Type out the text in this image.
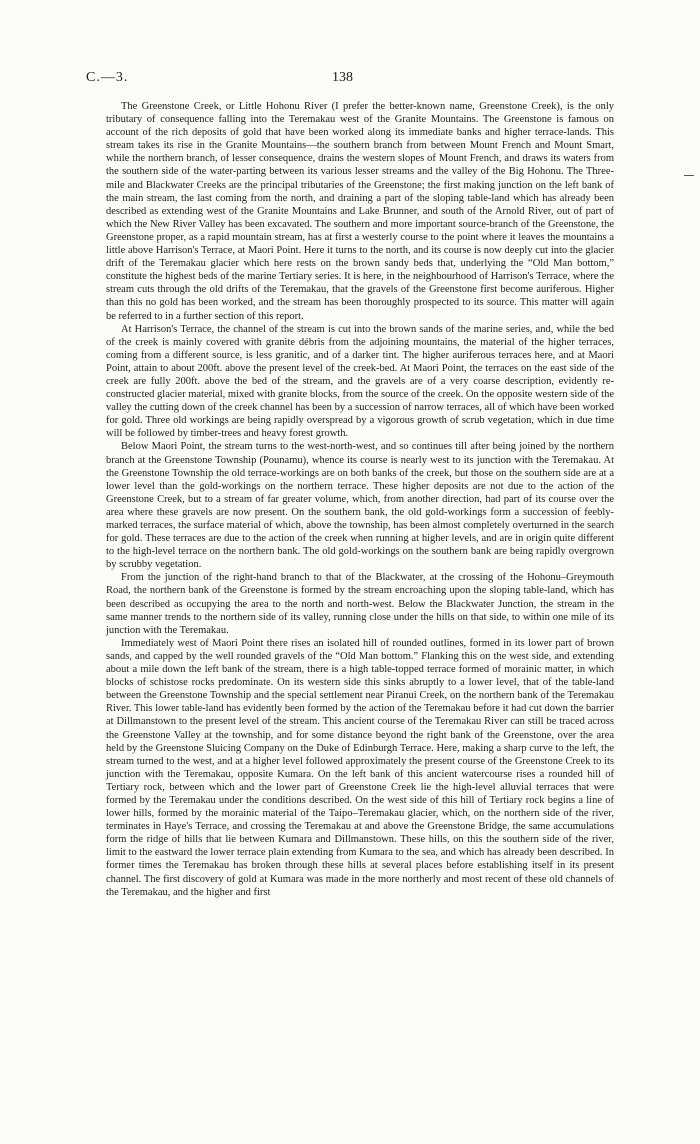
C.—3.	138

The Greenstone Creek, or Little Hohonu River (I prefer the better-known name, Greenstone Creek), is the only tributary of consequence falling into the Teremakau west of the Granite Mountains. The Greenstone is famous on account of the rich deposits of gold that have been worked along its immediate banks and higher terrace-lands. This stream takes its rise in the Granite Mountains—the southern branch from between Mount French and Mount Smart, while the northern branch, of lesser consequence, drains the western slopes of Mount French, and draws its waters from the southern side of the water-parting between its various lesser streams and the valley of the Big Hohonu. The Three-mile and Blackwater Creeks are the principal tributaries of the Greenstone; the first making junction on the left bank of the main stream, the last coming from the north, and draining a part of the sloping table-land which has already been described as extending west of the Granite Mountains and Lake Brunner, and south of the Arnold River, out of part of which the New River Valley has been excavated. The southern and more important source-branch of the Greenstone, the Greenstone proper, as a rapid mountain stream, has at first a westerly course to the point where it leaves the mountains a little above Harrison's Terrace, at Maori Point. Here it turns to the north, and its course is now deeply cut into the glacier drift of the Teremakau glacier which here rests on the brown sandy beds that, underlying the “Old Man bottom,” constitute the highest beds of the marine Tertiary series. It is here, in the neighbourhood of Harrison's Terrace, where the stream cuts through the old drifts of the Teremakau, that the gravels of the Greenstone first become auriferous. Higher than this no gold has been worked, and the stream has been thoroughly prospected to its source. This matter will again be referred to in a further section of this report.

At Harrison's Terrace, the channel of the stream is cut into the brown sands of the marine series, and, while the bed of the creek is mainly covered with granite débris from the adjoining mountains, the material of the higher terraces, coming from a different source, is less granitic, and of a darker tint. The higher auriferous terraces here, and at Maori Point, attain to about 200ft. above the present level of the creek-bed. At Maori Point, the terraces on the east side of the creek are fully 200ft. above the bed of the stream, and the gravels are of a very coarse description, evidently re-constructed glacier material, mixed with granite blocks, from the source of the creek. On the opposite western side of the valley the cutting down of the creek channel has been by a succession of narrow terraces, all of which have been worked for gold. Three old workings are being rapidly overspread by a vigorous growth of scrub vegetation, which in due time will be followed by timber-trees and heavy forest growth.

Below Maori Point, the stream turns to the west-north-west, and so continues till after being joined by the northern branch at the Greenstone Township (Pounamu), whence its course is nearly west to its junction with the Teremakau. At the Greenstone Township the old terrace-workings are on both banks of the creek, but those on the southern side are at a lower level than the gold-workings on the northern terrace. These higher deposits are not due to the action of the Greenstone Creek, but to a stream of far greater volume, which, from another direction, had part of its course over the area where these gravels are now present. On the southern bank, the old gold-workings form a succession of feebly-marked terraces, the surface material of which, above the township, has been almost completely overturned in the search for gold. These terraces are due to the action of the creek when running at higher levels, and are in origin quite different to the high-level terrace on the northern bank. The old gold-workings on the southern bank are being rapidly overgrown by scrubby vegetation.

From the junction of the right-hand branch to that of the Blackwater, at the crossing of the Hohonu–Greymouth Road, the northern bank of the Greenstone is formed by the stream encroaching upon the sloping table-land, which has been described as occupying the area to the north and north-west. Below the Blackwater Junction, the stream in the same manner trends to the northern side of its valley, running close under the hills on that side, to within one mile of its junction with the Teremakau.

Immediately west of Maori Point there rises an isolated hill of rounded outlines, formed in its lower part of brown sands, and capped by the well rounded gravels of the “Old Man bottom.” Flanking this on the west side, and extending about a mile down the left bank of the stream, there is a high table-topped terrace formed of morainic matter, in which blocks of schistose rocks predominate. On its western side this sinks abruptly to a lower level, that of the table-land between the Greenstone Township and the special settlement near Piranui Creek, on the northern bank of the Teremakau River. This lower table-land has evidently been formed by the action of the Teremakau before it had cut down the barrier at Dillmanstown to the present level of the stream. This ancient course of the Teremakau River can still be traced across the Greenstone Valley at the township, and for some distance beyond the right bank of the Greenstone, over the area held by the Greenstone Sluicing Company on the Duke of Edinburgh Terrace. Here, making a sharp curve to the left, the stream turned to the west, and at a higher level followed approximately the present course of the Greenstone Creek to its junction with the Teremakau, opposite Kumara. On the left bank of this ancient watercourse rises a rounded hill of Tertiary rock, between which and the lower part of Greenstone Creek lie the high-level alluvial terraces that were formed by the Teremakau under the conditions described. On the west side of this hill of Tertiary rock begins a line of lower hills, formed by the morainic material of the Taipo–Teremakau glacier, which, on the northern side of the river, terminates in Haye's Terrace, and crossing the Teremakau at and above the Greenstone Bridge, the same accumulations form the ridge of hills that lie between Kumara and Dillmanstown. These hills, on this the southern side of the river, limit to the eastward the lower terrace plain extending from Kumara to the sea, and which has already been described. In former times the Teremakau has broken through these hills at several places before establishing itself in its present channel. The first discovery of gold at Kumara was made in the more northerly and most recent of these old channels of the Teremakau, and the higher and first
